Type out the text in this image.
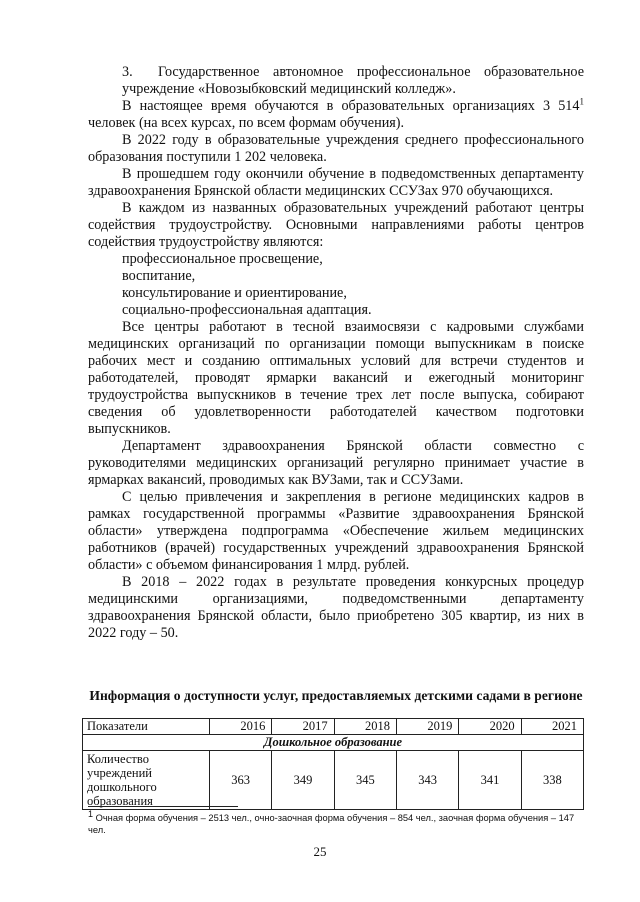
3. Государственное автономное профессиональное образовательное учреждение «Новозыбковский медицинский колледж».

В настоящее время обучаются в образовательных организациях 3 $514^1$ человек (на всех курсах, по всем формам обучения).

В 2022 году в образовательные учреждения среднего профессионального образования поступили 1 202 человека.

В прошедшем году окончили обучение в подведомственных департаменту здравоохранения Брянской области медицинских ССУЗах 970 обучающихся.

В каждом из названных образовательных учреждений работают центры содействия трудоустройству. Основными направлениями работы центров содействия трудоустройству являются:

профессиональное просвещение,

воспитание,

консультирование и ориентирование,

социально-профессиональная адаптация.

Все центры работают в тесной взаимосвязи с кадровыми службами медицинских организаций по организации помощи выпускникам в поиске рабочих мест и созданию оптимальных условий для встречи студентов и работодателей, проводят ярмарки вакансий и ежегодный мониторинг трудоустройства выпускников в течение трех лет после выпуска, собирают сведения об удовлетворенности работодателей качеством подготовки выпускников.

Департамент здравоохранения Брянской области совместно с руководителями медицинских организаций регулярно принимает участие в ярмарках вакансий, проводимых как ВУЗами, так и ССУЗами.

С целью привлечения и закрепления в регионе медицинских кадров в рамках государственной программы «Развитие здравоохранения Брянской области» утверждена подпрограмма «Обеспечение жильем медицинских работников (врачей) государственных учреждений здравоохранения Брянской области» с объемом финансирования 1 млрд. рублей.

В 2018 – 2022 годах в результате проведения конкурсных процедур медицинскими организациями, подведомственными департаменту здравоохранения Брянской области, было приобретено 305 квартир, из них в 2022 году – 50.

Информация о доступности услуг, предоставляемых детскими садами в регионе
Показатели	2016	2017	2018	2019	2020	2021
Дошкольное образование						
Количество учреждений дошкольного образования	363	349	345	343	341	338
$^1$ Очная форма обучения – 2513 чел., очно-заочная форма обучения – 854 чел., заочная форма обучения – 147 чел.
25
